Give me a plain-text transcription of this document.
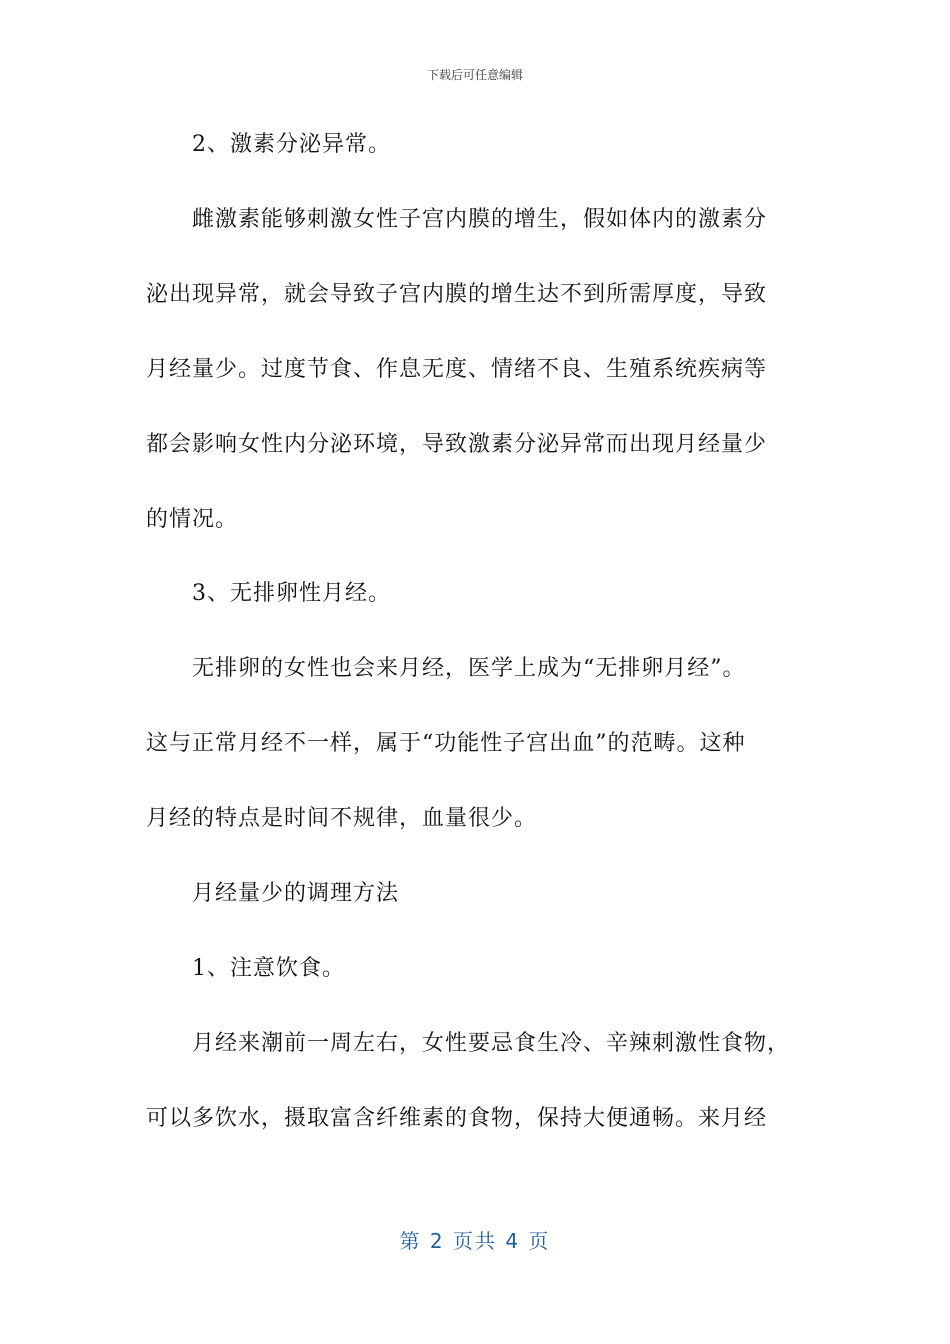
下载后可任意编辑
2、激素分泌异常。
雌激素能够刺激女性子宫内膜的增生，假如体内的激素分
泌出现异常，就会导致子宫内膜的增生达不到所需厚度，导致
月经量少。过度节食、作息无度、情绪不良、生殖系统疾病等
都会影响女性内分泌环境，导致激素分泌异常而出现月经量少
的情况。
3、无排卵性月经。
无排卵的女性也会来月经，医学上成为“无排卵月经”。
这与正常月经不一样，属于“功能性子宫出血”的范畴。这种
月经的特点是时间不规律，血量很少。
月经量少的调理方法
1、注意饮食。
月经来潮前一周左右，女性要忌食生冷、辛辣刺激性食物，
可以多饮水，摄取富含纤维素的食物，保持大便通畅。来月经
第 2 页共 4 页
